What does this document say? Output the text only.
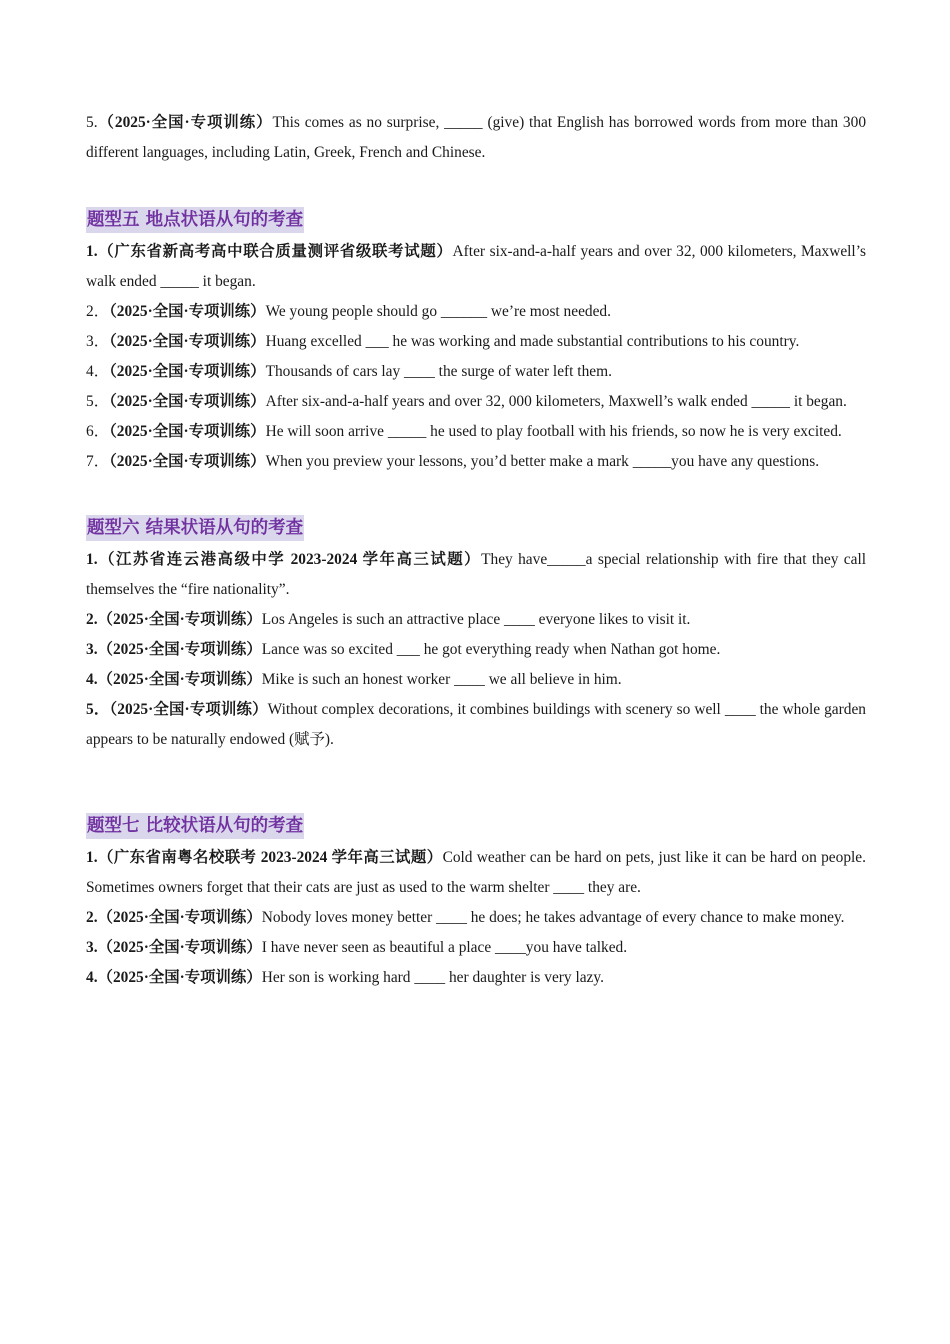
5.（2025·全国·专项训练）This comes as no surprise, _____ (give) that English has borrowed words from more than 300 different languages, including Latin, Greek, French and Chinese.

题型五 地点状语从句的考查

1.（广东省新高考高中联合质量测评省级联考试题）After six-and-a-half years and over 32, 000 kilometers, Maxwell’s walk ended _____ it began.

2．（2025·全国·专项训练）We young people should go ______ we’re most needed.

3．（2025·全国·专项训练）Huang excelled ___ he was working and made substantial contributions to his country.

4．（2025·全国·专项训练）Thousands of cars lay ____ the surge of water left them.

5．（2025·全国·专项训练）After six-and-a-half years and over 32, 000 kilometers, Maxwell’s walk ended _____ it began.

6．（2025·全国·专项训练）He will soon arrive _____ he used to play football with his friends, so now he is very excited.

7．（2025·全国·专项训练）When you preview your lessons, you’d better make a mark _____you have any questions.

题型六 结果状语从句的考查

1.（江苏省连云港高级中学 2023-2024 学年高三试题）They have_____a special relationship with fire that they call themselves the “fire nationality”.

2.（2025·全国·专项训练）Los Angeles is such an attractive place ____ everyone likes to visit it.

3.（2025·全国·专项训练）Lance was so excited ___ he got everything ready when Nathan got home.

4.（2025·全国·专项训练）Mike is such an honest worker ____ we all believe in him.

5．（2025·全国·专项训练）Without complex decorations, it combines buildings with scenery so well ____ the whole garden appears to be naturally endowed (赋予).

题型七 比较状语从句的考查

1.（广东省南粤名校联考 2023-2024 学年高三试题）Cold weather can be hard on pets, just like it can be hard on people. Sometimes owners forget that their cats are just as used to the warm shelter ____ they are.

2.（2025·全国·专项训练）Nobody loves money better ____ he does; he takes advantage of every chance to make money.

3.（2025·全国·专项训练）I have never seen as beautiful a place ____you have talked.

4.（2025·全国·专项训练）Her son is working hard ____ her daughter is very lazy.
